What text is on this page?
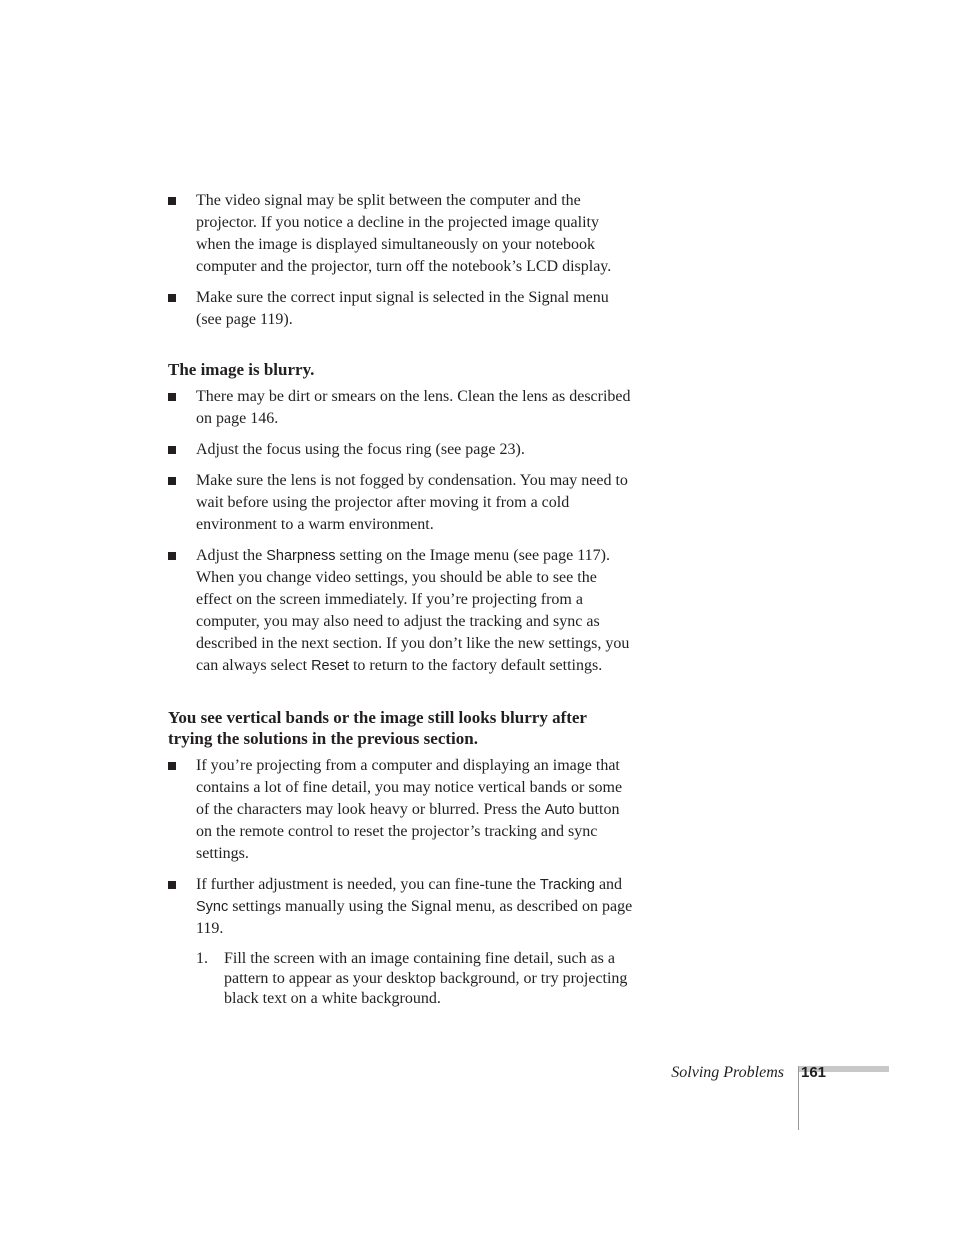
The video signal may be split between the computer and the projector. If you notice a decline in the projected image quality when the image is displayed simultaneously on your notebook computer and the projector, turn off the notebook’s LCD display.
Make sure the correct input signal is selected in the Signal menu (see page 119).
The image is blurry.
There may be dirt or smears on the lens. Clean the lens as described on page 146.
Adjust the focus using the focus ring (see page 23).
Make sure the lens is not fogged by condensation. You may need to wait before using the projector after moving it from a cold environment to a warm environment.
Adjust the Sharpness setting on the Image menu (see page 117). When you change video settings, you should be able to see the effect on the screen immediately. If you’re projecting from a computer, you may also need to adjust the tracking and sync as described in the next section. If you don’t like the new settings, you can always select Reset to return to the factory default settings.
You see vertical bands or the image still looks blurry after trying the solutions in the previous section.
If you’re projecting from a computer and displaying an image that contains a lot of fine detail, you may notice vertical bands or some of the characters may look heavy or blurred. Press the Auto button on the remote control to reset the projector’s tracking and sync settings.
If further adjustment is needed, you can fine-tune the Tracking and Sync settings manually using the Signal menu, as described on page 119.
1. Fill the screen with an image containing fine detail, such as a pattern to appear as your desktop background, or try projecting black text on a white background.
Solving Problems 161
